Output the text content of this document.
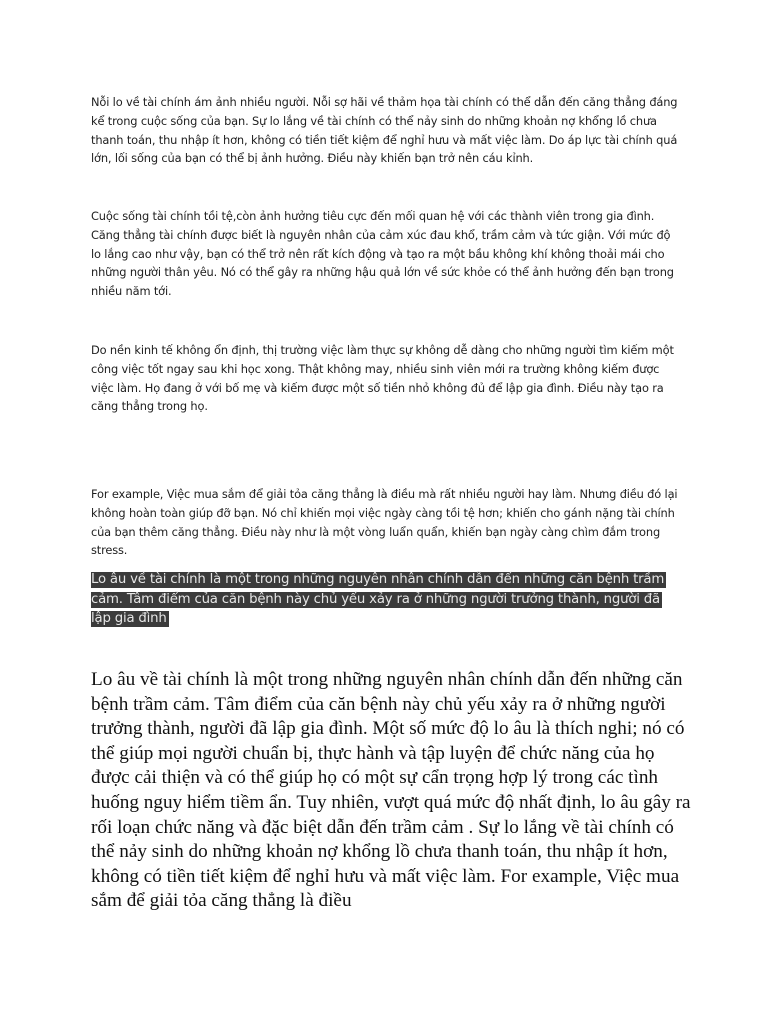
Nỗi lo về tài chính ám ảnh nhiều người. Nỗi sợ hãi về thảm họa tài chính có thể dẫn đến căng thẳng đáng kể trong cuộc sống của bạn. Sự lo lắng về tài chính có thể nảy sinh do những khoản nợ khổng lồ chưa thanh toán, thu nhập ít hơn, không có tiền tiết kiệm để nghỉ hưu và mất việc làm. Do áp lực tài chính quá lớn, lối sống của bạn có thể bị ảnh hưởng. Điều này khiến bạn trở nên cáu kỉnh.

Cuộc sống tài chính tồi tệ,còn ảnh hưởng tiêu cực đến mối quan hệ với các thành viên trong gia đình. Căng thẳng tài chính được biết là nguyên nhân của cảm xúc đau khổ, trầm cảm và tức giận. Với mức độ lo lắng cao như vậy, bạn có thể trở nên rất kích động và tạo ra một bầu không khí không thoải mái cho những người thân yêu. Nó có thể gây ra những hậu quả lớn về sức khỏe có thể ảnh hưởng đến bạn trong nhiều năm tới.

Do nền kinh tế không ổn định, thị trường việc làm thực sự không dễ dàng cho những người tìm kiếm một công việc tốt ngay sau khi học xong. Thật không may, nhiều sinh viên mới ra trường không kiếm được việc làm. Họ đang ở với bố mẹ và kiếm được một số tiền nhỏ không đủ để lập gia đình. Điều này tạo ra căng thẳng trong họ.

For example, Việc mua sắm để giải tỏa căng thẳng là điều mà rất nhiều người hay làm. Nhưng điều đó lại không hoàn toàn giúp đỡ bạn. Nó chỉ khiến mọi việc ngày càng tồi tệ hơn; khiến cho gánh nặng tài chính của bạn thêm căng thẳng. Điều này như là một vòng luẩn quẩn, khiến bạn ngày càng chìm đắm trong stress.

Lo âu về tài chính là một trong những nguyên nhân chính dẫn đến những căn bệnh trầm cảm. Tâm điểm của căn bệnh này chủ yếu xảy ra ở những người trưởng thành, người đã lập gia đình

Lo âu về tài chính là một trong những nguyên nhân chính dẫn đến những căn bệnh trầm cảm. Tâm điểm của căn bệnh này chủ yếu xảy ra ở những người trưởng thành, người đã lập gia đình. Một số mức độ lo âu là thích nghi; nó có thể giúp mọi người chuẩn bị, thực hành và tập luyện để chức năng của họ được cải thiện và có thể giúp họ có một sự cẩn trọng hợp lý trong các tình huống nguy hiểm tiềm ẩn. Tuy nhiên, vượt quá mức độ nhất định, lo âu gây ra rối loạn chức năng và đặc biệt dẫn đến trầm cảm . Sự lo lắng về tài chính có thể nảy sinh do những khoản nợ khổng lồ chưa thanh toán, thu nhập ít hơn, không có tiền tiết kiệm để nghỉ hưu và mất việc làm. For example, Việc mua sắm để giải tỏa căng thẳng là điều
